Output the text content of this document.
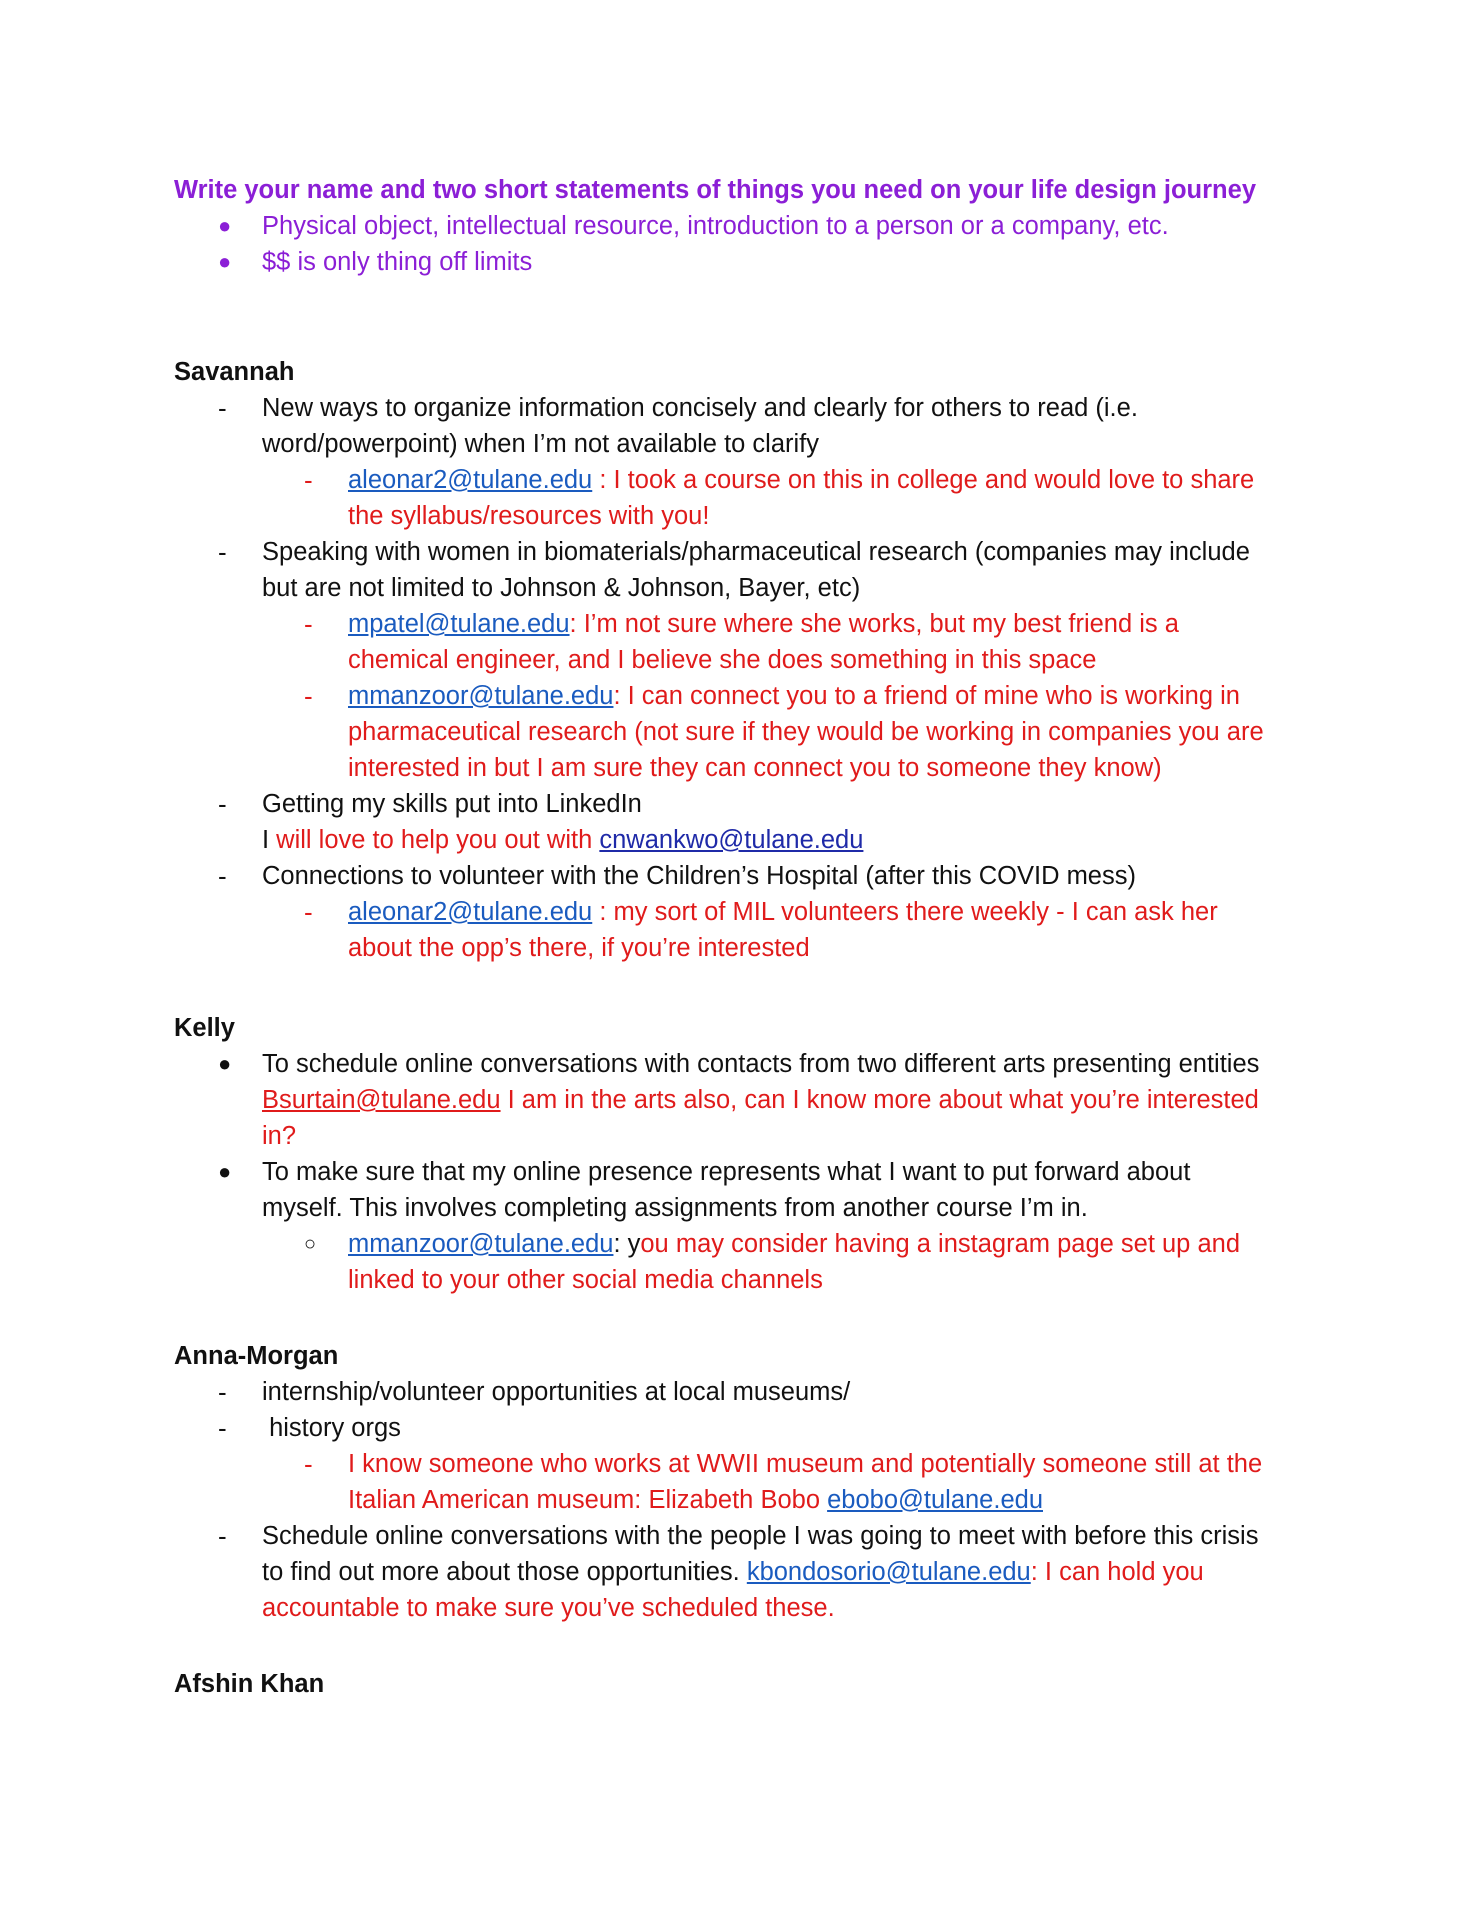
Write your name and two short statements of things you need on your life design journey
● Physical object, intellectual resource, introduction to a person or a company, etc.
● $$ is only thing off limits
Savannah
- New ways to organize information concisely and clearly for others to read (i.e.
word/powerpoint) when I’m not available to clarify
- aleonar2@tulane.edu : I took a course on this in college and would love to share
the syllabus/resources with you!
- Speaking with women in biomaterials/pharmaceutical research (companies may include
but are not limited to Johnson & Johnson, Bayer, etc)
- mpatel@tulane.edu: I’m not sure where she works, but my best friend is a
chemical engineer, and I believe she does something in this space
- mmanzoor@tulane.edu: I can connect you to a friend of mine who is working in
pharmaceutical research (not sure if they would be working in companies you are
interested in but I am sure they can connect you to someone they know)
- Getting my skills put into LinkedIn
I will love to help you out with cnwankwo@tulane.edu
- Connections to volunteer with the Children’s Hospital (after this COVID mess)
- aleonar2@tulane.edu : my sort of MIL volunteers there weekly - I can ask her
about the opp’s there, if you’re interested
Kelly
● To schedule online conversations with contacts from two different arts presenting entities
Bsurtain@tulane.edu I am in the arts also, can I know more about what you’re interested
in?
● To make sure that my online presence represents what I want to put forward about
myself. This involves completing assignments from another course I’m in.
○ mmanzoor@tulane.edu: you may consider having a instagram page set up and
linked to your other social media channels
Anna-Morgan
- internship/volunteer opportunities at local museums/
- history orgs
- I know someone who works at WWII museum and potentially someone still at the
Italian American museum: Elizabeth Bobo ebobo@tulane.edu
- Schedule online conversations with the people I was going to meet with before this crisis
to find out more about those opportunities. kbondosorio@tulane.edu: I can hold you
accountable to make sure you’ve scheduled these.
Afshin Khan
